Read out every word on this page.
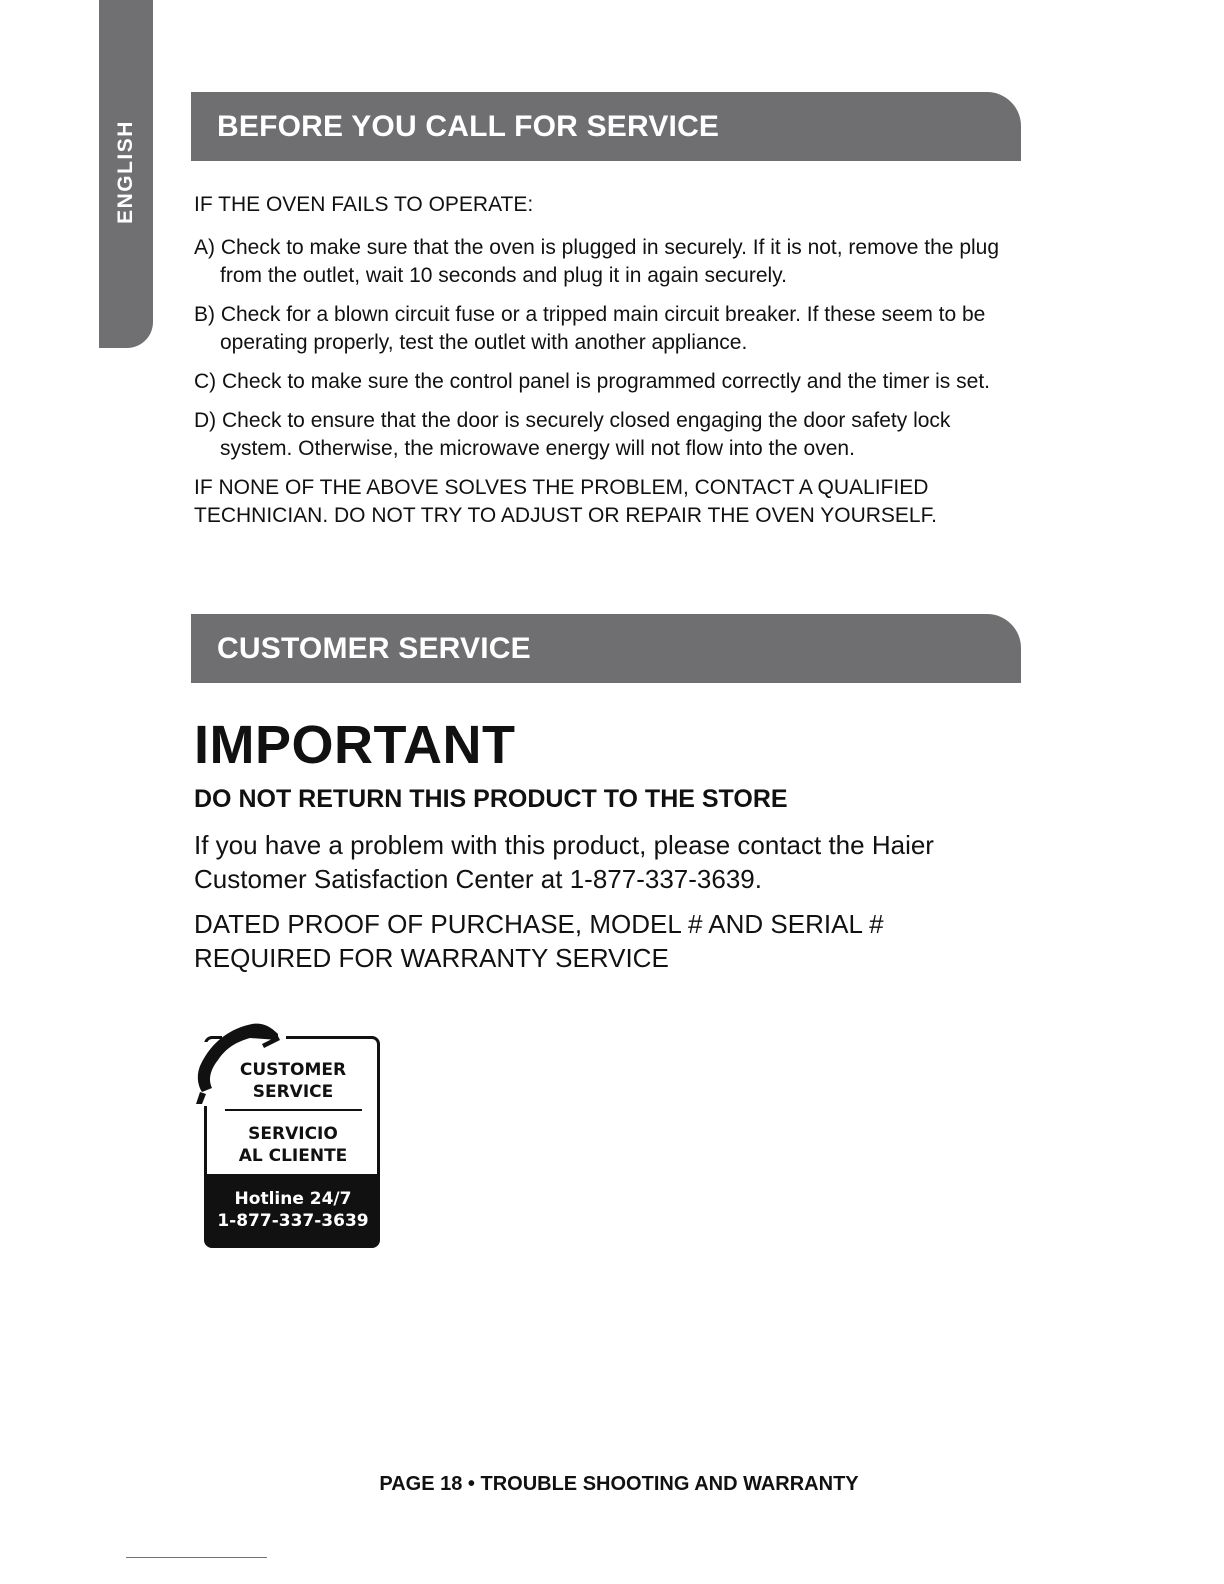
ENGLISH	BEFORE YOU CALL FOR SERVICE

IF THE OVEN FAILS TO OPERATE:

A) Check to make sure that the oven is plugged in securely. If it is not, remove the plug from the outlet, wait 10 seconds and plug it in again securely.

B) Check for a blown circuit fuse or a tripped main circuit breaker. If these seem to be operating properly, test the outlet with another appliance.

C) Check to make sure the control panel is programmed correctly and the timer is set.

D) Check to ensure that the door is securely closed engaging the door safety lock system. Otherwise, the microwave energy will not flow into the oven.

IF NONE OF THE ABOVE SOLVES THE PROBLEM, CONTACT A QUALIFIED TECHNICIAN. DO NOT TRY TO ADJUST OR REPAIR THE OVEN YOURSELF.

CUSTOMER SERVICE
IMPORTANT
DO NOT RETURN THIS PRODUCT TO THE STORE

If you have a problem with this product, please contact the Haier Customer Satisfaction Center at 1-877-337-3639.

DATED PROOF OF PURCHASE, MODEL # AND SERIAL # REQUIRED FOR WARRANTY SERVICE

CUSTOMER
SERVICE
SERVICIO
AL CLIENTE
Hotline 24/7
1-877-337-3639
PAGE 18 • TROUBLE SHOOTING AND WARRANTY
